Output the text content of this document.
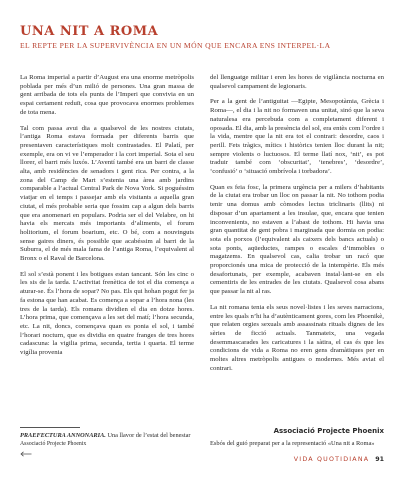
UNA NIT A ROMA
EL REPTE PER LA SUPERVIVÈNCIA EN UN MÓN QUE ENCARA ENS INTERPEL·LA

La Roma imperial a partir d’August era una enorme metròpolis poblada per més d’un milió de persones. Una gran massa de gent arribada de tots els punts de l’Imperi que convivia en un espai certament reduït, cosa que provocava enormes problemes de tota mena.

Tal com passa avui dia a qualsevol de les nostres ciutats, l’antiga Roma estava formada per diferents barris que presentaven característiques molt contrastades. El Palatí, per exemple, era on vi ve l’emperador i la cort imperial. Sota el seu llorer, el barri més luxós. L’Aventí també era un barri de classe alta, amb residències de senadors i gent rica. Per contra, a la zona del Camp de Mart s’estenia una àrea amb jardins comparable a l’actual Central Park de Nova York. Si poguéssim viatjar en el temps i passejar amb els visitants a aquella gran ciutat, el més probable seria que fossim cap a algun dels barris que era anomenari en populars. Podria ser el del Velabre, on hi havia els mercats més importants d’aliments, el forum holitorium, el forum boarium, etc. O bé, com a nouvinguts sense gaires diners, és possible que acabéssim al barri de la Suburra, el de més mala fama de l’antiga Roma, l’equivalent al Bronx o el Raval de Barcelona.

El sol s’està ponent i les botigues estan tancant. Són les cinc o les sis de la tarda. L’activitat frenètica de tot el dia comença a aturar-se. És l’hora de sopar? No pas. Els qui hohan pogut fer ja fa estona que han acabat. Es comença a sopar a l’hora nona (les tres de la tarda). Els romans dividien el dia en dotze hores. L’hora prima, que començava a les set del matí; l’hora secunda, etc. La nit, doncs, començava quan es ponia el sol, i també l’horari nocturn, que es dividia en quatre franges de tres hores cadascuna: la vigilia prima, secunda, tertia i quarta. El terme vigília provenia

del llenguatge militar i eren les hores de vigilància nocturna en qualsevol campament de legionaris.

Per a la gent de l’antiguitat —Egipte, Mesopotàmia, Grècia i Roma—, el dia i la nit no formaven una unitat, sinó que la seva naturalesa era percebuda com a completament diferent i oposada. El dia, amb la presència del sol, era entès com l’ordre i la vida, mentre que la nit era tot el contrari: desordre, caos i perill. Fets tràgics, mítics i històrics tenien lloc durant la nit; sempre violents o luctuosos. El terme llatí nox, ‘nit’, es pot traduir també com ‘obscuritat’, ‘tenebres’, ‘desordre’, ‘confusió’ o ‘situació ombrívola i torbadora’.

Quan es feia fosc, la primera urgència per a milers d’habitants de la ciutat era trobar un lloc on passar la nit. No tothom podia tenir una domus amb còmodes lectus triclinaris (llits) ni disposar d’un apartament a les insulae, que, encara que tenien inconvenients, no estaven a l’abast de tothom. Hi havia una gran quantitat de gent pobra i marginada que dormia on podia: sota els porxos (l’equivalent als caixers dels bancs actuals) o sota ponts, aqüeductes, rampes o escales d’immobles o magatzems. En qualsevol cas, calia trobar un racó que proporcionés una mica de protecció de la intempèrie. Els més desafortunats, per exemple, acabaven instal·lant-se en els cementiris de les entrades de les ciutats. Qualsevol cosa abans que passar la nit al ras.

La nit romana tenia els seus novel·listes i les seves narracions, entre les quals n’hi ha d’autènticament gores, com les Phoenikè, que relaten orgies sexuals amb assassinats rituals dignes de les sèries de ficció actuals. Tanmateix, una vegada desemmascarades les caricatures i la sàtira, el cas és que les condicions de vida a Roma no eren gens dramàtiques per en moltes altres metròpolis antigues o modernes. Més aviat el contrari.

PRAEFECTURA ANNONARIA. Una llavor de l’estat del benestar
Associació Projecte Phoenix
Associació Projecte Phoenix
Esbós del guió preparat per a la representació «Una nit a Roma»
VIDA QUOTIDIANA 91
